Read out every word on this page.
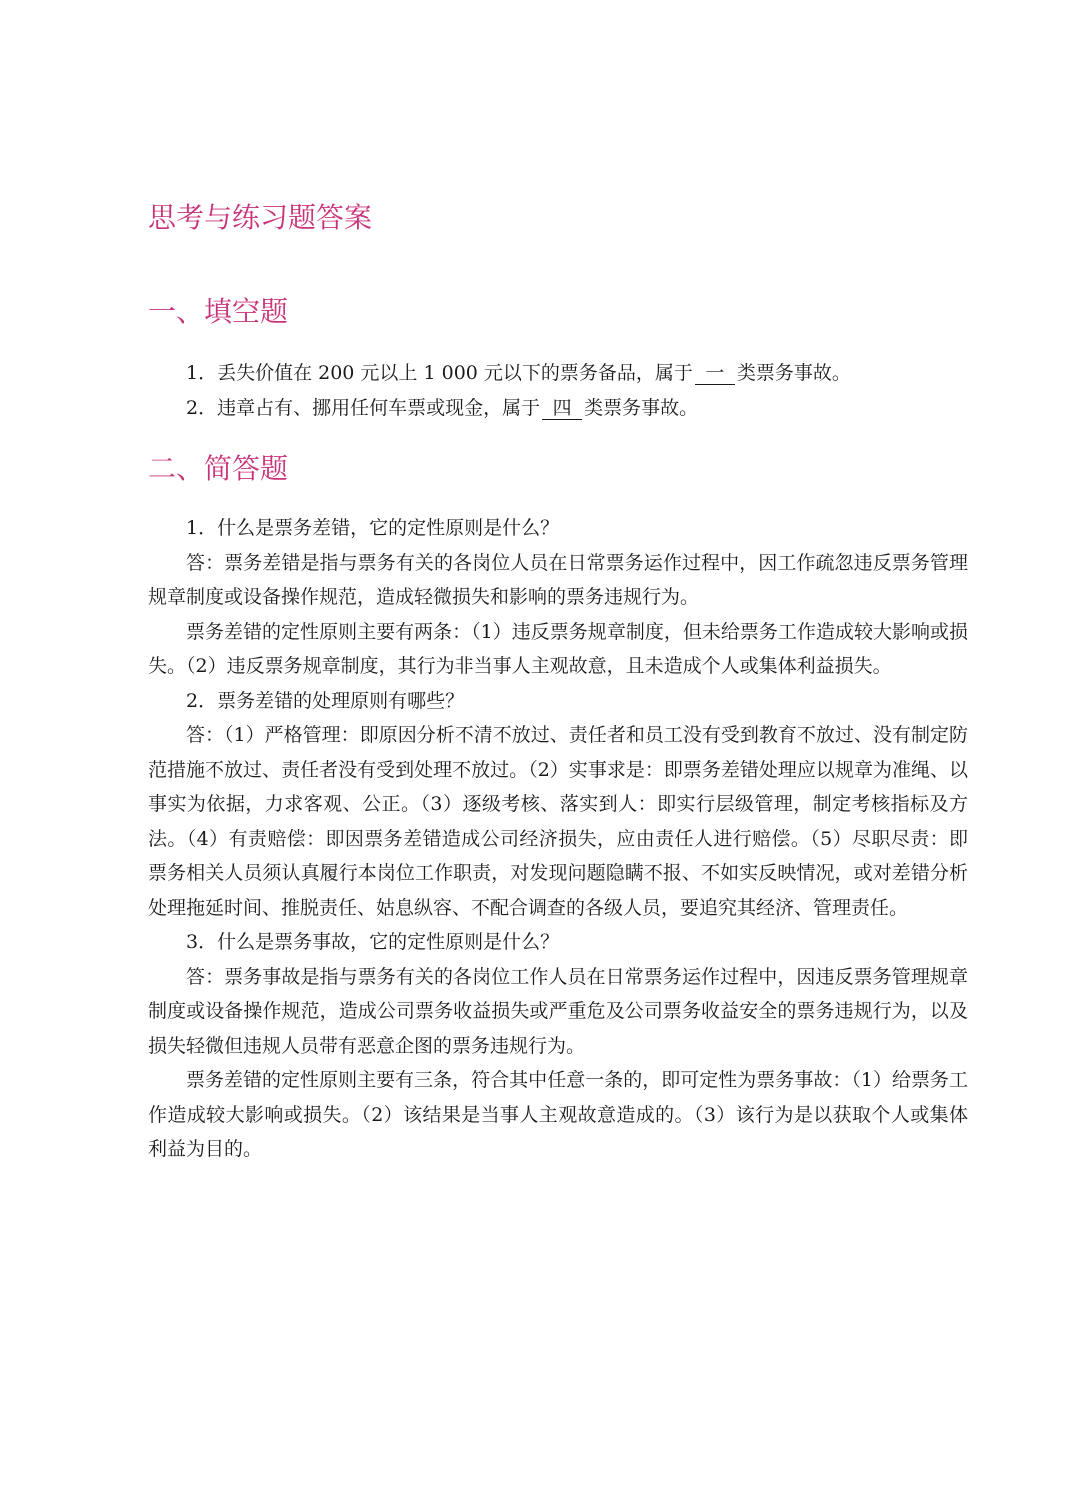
思考与练习题答案
一、填空题

1．丢失价值在 200 元以上 1 000 元以下的票务备品，属于 一 类票务事故。

2．违章占有、挪用任何车票或现金，属于 四 类票务事故。

二、简答题

1．什么是票务差错，它的定性原则是什么？

答：票务差错是指与票务有关的各岗位人员在日常票务运作过程中，因工作疏忽违反票务管理规章制度或设备操作规范，造成轻微损失和影响的票务违规行为。

票务差错的定性原则主要有两条：（1）违反票务规章制度，但未给票务工作造成较大影响或损失。（2）违反票务规章制度，其行为非当事人主观故意，且未造成个人或集体利益损失。

2．票务差错的处理原则有哪些？

答：（1）严格管理：即原因分析不清不放过、责任者和员工没有受到教育不放过、没有制定防范措施不放过、责任者没有受到处理不放过。（2）实事求是：即票务差错处理应以规章为准绳、以事实为依据，力求客观、公正。（3）逐级考核、落实到人：即实行层级管理，制定考核指标及方法。（4）有责赔偿：即因票务差错造成公司经济损失，应由责任人进行赔偿。（5）尽职尽责：即票务相关人员须认真履行本岗位工作职责，对发现问题隐瞒不报、不如实反映情况，或对差错分析处理拖延时间、推脱责任、姑息纵容、不配合调查的各级人员，要追究其经济、管理责任。

3．什么是票务事故，它的定性原则是什么？

答：票务事故是指与票务有关的各岗位工作人员在日常票务运作过程中，因违反票务管理规章制度或设备操作规范，造成公司票务收益损失或严重危及公司票务收益安全的票务违规行为，以及损失轻微但违规人员带有恶意企图的票务违规行为。

票务差错的定性原则主要有三条，符合其中任意一条的，即可定性为票务事故：（1）给票务工作造成较大影响或损失。（2）该结果是当事人主观故意造成的。（3）该行为是以获取个人或集体利益为目的。
